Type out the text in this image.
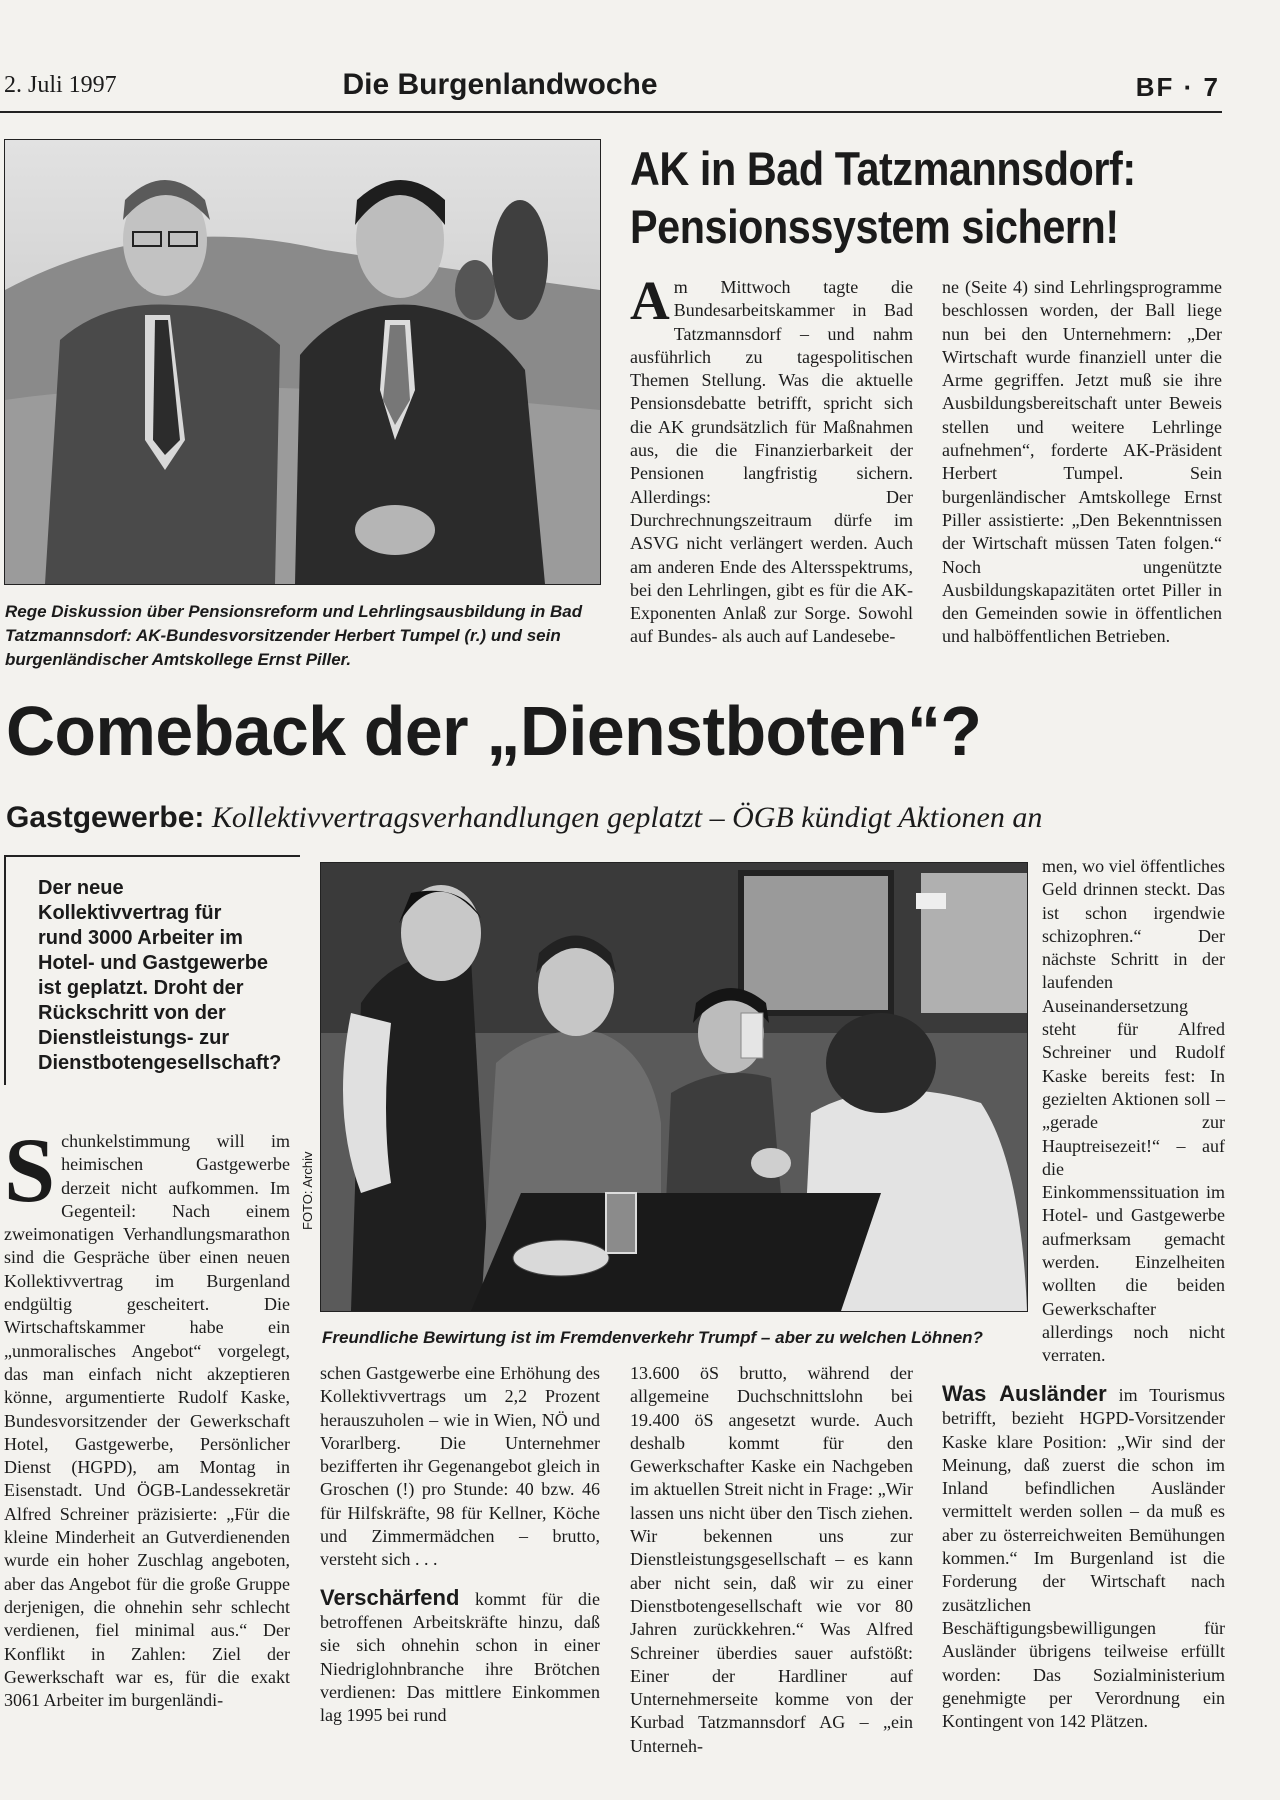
2. Juli 1997	Die Burgenlandwoche	BF · 7
Rege Diskussion über Pensionsreform und Lehrlingsausbildung in Bad Tatzmannsdorf: AK-Bundesvorsitzender Herbert Tumpel (r.) und sein burgenländischer Amtskollege Ernst Piller.
AK in Bad Tatzmannsdorf: Pensionssystem sichern!
Am Mittwoch tagte die Bundesarbeitskammer in Bad Tatzmannsdorf – und nahm ausführlich zu tagespolitischen Themen Stellung. Was die aktuelle Pensionsdebatte betrifft, spricht sich die AK grundsätzlich für Maßnahmen aus, die die Finanzierbarkeit der Pensionen langfristig sichern. Allerdings: Der Durchrechnungszeitraum dürfe im ASVG nicht verlängert werden. Auch am anderen Ende des Altersspektrums, bei den Lehrlingen, gibt es für die AK-Exponenten Anlaß zur Sorge. Sowohl auf Bundes- als auch auf Landesebe-
ne (Seite 4) sind Lehrlingsprogramme beschlossen worden, der Ball liege nun bei den Unternehmern: „Der Wirtschaft wurde finanziell unter die Arme gegriffen. Jetzt muß sie ihre Ausbildungsbereitschaft unter Beweis stellen und weitere Lehrlinge aufnehmen“, forderte AK-Präsident Herbert Tumpel. Sein burgenländischer Amtskollege Ernst Piller assistierte: „Den Bekenntnissen der Wirtschaft müssen Taten folgen.“ Noch ungenützte Ausbildungskapazitäten ortet Piller in den Gemeinden sowie in öffentlichen und halböffentlichen Betrieben.
Comeback der „Dienstboten“?
Gastgewerbe: Kollektivvertragsverhandlungen geplatzt – ÖGB kündigt Aktionen an
Der neue Kollektivvertrag für rund 3000 Arbeiter im Hotel- und Gastgewerbe ist geplatzt. Droht der Rückschritt von der Dienstleistungs- zur Dienstbotengesellschaft?
FOTO: Archiv
Freundliche Bewirtung ist im Fremdenverkehr Trumpf – aber zu welchen Löhnen?
Schunkelstimmung will im heimischen Gastgewerbe derzeit nicht aufkommen. Im Gegenteil: Nach einem zweimonatigen Verhandlungsmarathon sind die Gespräche über einen neuen Kollektivvertrag im Burgenland endgültig gescheitert. Die Wirtschaftskammer habe ein „unmoralisches Angebot“ vorgelegt, das man einfach nicht akzeptieren könne, argumentierte Rudolf Kaske, Bundesvorsitzender der Gewerkschaft Hotel, Gastgewerbe, Persönlicher Dienst (HGPD), am Montag in Eisenstadt. Und ÖGB-Landessekretär Alfred Schreiner präzisierte: „Für die kleine Minderheit an Gutverdienenden wurde ein hoher Zuschlag angeboten, aber das Angebot für die große Gruppe derjenigen, die ohnehin sehr schlecht verdienen, fiel minimal aus.“ Der Konflikt in Zahlen: Ziel der Gewerkschaft war es, für die exakt 3061 Arbeiter im burgenländi-
schen Gastgewerbe eine Erhöhung des Kollektivvertrags um 2,2 Prozent herauszuholen – wie in Wien, NÖ und Vorarlberg. Die Unternehmer bezifferten ihr Gegenangebot gleich in Groschen (!) pro Stunde: 40 bzw. 46 für Hilfskräfte, 98 für Kellner, Köche und Zimmermädchen – brutto, versteht sich . . .
Verschärfend kommt für die betroffenen Arbeitskräfte hinzu, daß sie sich ohnehin schon in einer Niedriglohnbranche ihre Brötchen verdienen: Das mittlere Einkommen lag 1995 bei rund
13.600 öS brutto, während der allgemeine Duchschnittslohn bei 19.400 öS angesetzt wurde. Auch deshalb kommt für den Gewerkschafter Kaske ein Nachgeben im aktuellen Streit nicht in Frage: „Wir lassen uns nicht über den Tisch ziehen. Wir bekennen uns zur Dienstleistungsgesellschaft – es kann aber nicht sein, daß wir zu einer Dienstbotengesellschaft wie vor 80 Jahren zurückkehren.“ Was Alfred Schreiner überdies sauer aufstößt: Einer der Hardliner auf Unternehmerseite komme von der Kurbad Tatzmannsdorf AG – „ein Unterneh-
men, wo viel öffentliches Geld drinnen steckt. Das ist schon irgendwie schizophren.“ Der nächste Schritt in der laufenden Auseinandersetzung steht für Alfred Schreiner und Rudolf Kaske bereits fest: In gezielten Aktionen soll – „gerade zur Hauptreisezeit!“ – auf die Einkommenssituation im Hotel- und Gastgewerbe aufmerksam gemacht werden. Einzelheiten wollten die beiden Gewerkschafter allerdings noch nicht verraten.
Was Ausländer im Tourismus betrifft, bezieht HGPD-Vorsitzender Kaske klare Position: „Wir sind der Meinung, daß zuerst die schon im Inland befindlichen Ausländer vermittelt werden sollen – da muß es aber zu österreichweiten Bemühungen kommen.“ Im Burgenland ist die Forderung der Wirtschaft nach zusätzlichen Beschäftigungsbewilligungen für Ausländer übrigens teilweise erfüllt worden: Das Sozialministerium genehmigte per Verordnung ein Kontingent von 142 Plätzen.
